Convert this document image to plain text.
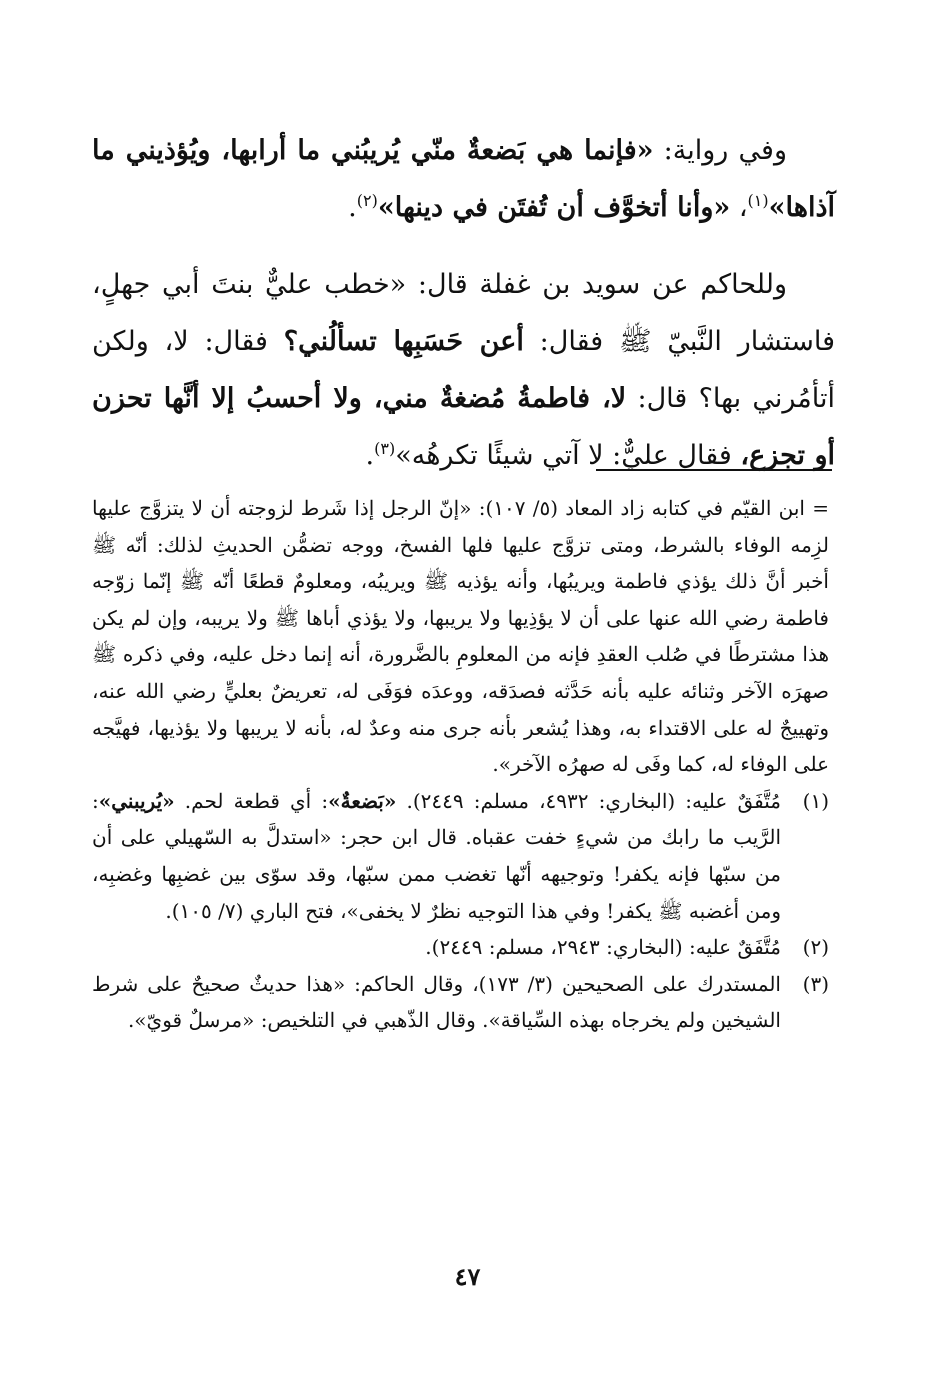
وفي رواية: «فإنما هي بَضعةٌ منّي يُريبُني ما أرابها، ويُؤذيني ما آذاها»$^{(١)}$، «وأنا أتخوَّف أن تُفتَن في دينها»$^{(٢)}$.

وللحاكم عن سويد بن غفلة قال: «خطب عليٌّ بنتَ أبي جهلٍ، فاستشار النَّبيّ ﷺ فقال: أعن حَسَبِها تسألُني؟ فقال: لا، ولكن أتأمُرني بها؟ قال: لا، فاطمةُ مُضغةٌ مني، ولا أحسبُ إلا أنَّها تحزن أو تجزع، فقال عليٌّ: لا آتي شيئًا تكرهُه»$^{(٣)}$.

= ابن القيّم في كتابه زاد المعاد (٥/ ١٠٧): «إنّ الرجل إذا شَرط لزوجته أن لا يتزوَّج عليها لزِمه الوفاء بالشرط، ومتى تزوَّج عليها فلها الفسخ، ووجه تضمُّن الحديثِ لذلك: أنّه ﷺ أخبر أنَّ ذلك يؤذي فاطمة ويريبُها، وأنه يؤذيه ﷺ ويريبُه، ومعلومٌ قطعًا أنّه ﷺ إنّما زوّجه فاطمة رضي الله عنها على أن لا يؤذِيها ولا يريبها، ولا يؤذي أباها ﷺ ولا يريبه، وإن لم يكن هذا مشترطًا في صُلب العقدِ فإنه من المعلومِ بالضَّرورة، أنه إنما دخل عليه، وفي ذكره ﷺ صهرَه الآخر وثنائه عليه بأنه حَدَّثه فصدَقه، ووعدَه فوَفَى له، تعريضٌ بعليٍّ رضي الله عنه، وتهييجٌ له على الاقتداء به، وهذا يُشعر بأنه جرى منه وعدٌ له، بأنه لا يريبها ولا يؤذيها، فهيَّجه على الوفاء له، كما وفَى له صهرُه الآخر».

(١)
مُتَّفَقٌ عليه: (البخاري: ٤٩٣٢، مسلم: ٢٤٤٩). «بَضعةٌ»: أي قطعة لحم. «يُريبني»: الرَّيب ما رابك من شيءٍ خفت عقباه. قال ابن حجر: «استدلَّ به السّهيلي على أن من سبّها فإنه يكفر! وتوجيهه أنّها تغضب ممن سبّها، وقد سوّى بين غضبِها وغضبِه، ومن أغضبه ﷺ يكفر! وفي هذا التوجيه نظرٌ لا يخفى»، فتح الباري (٧/ ١٠٥).

(٢)
مُتَّفَقٌ عليه: (البخاري: ٢٩٤٣، مسلم: ٢٤٤٩).

(٣)
المستدرك على الصحيحين (٣/ ١٧٣)، وقال الحاكم: «هذا حديثٌ صحيحٌ على شرط الشيخين ولم يخرجاه بهذه السِّياقة». وقال الذّهبي في التلخيص: «مرسلٌ قويّ».

٤٧
